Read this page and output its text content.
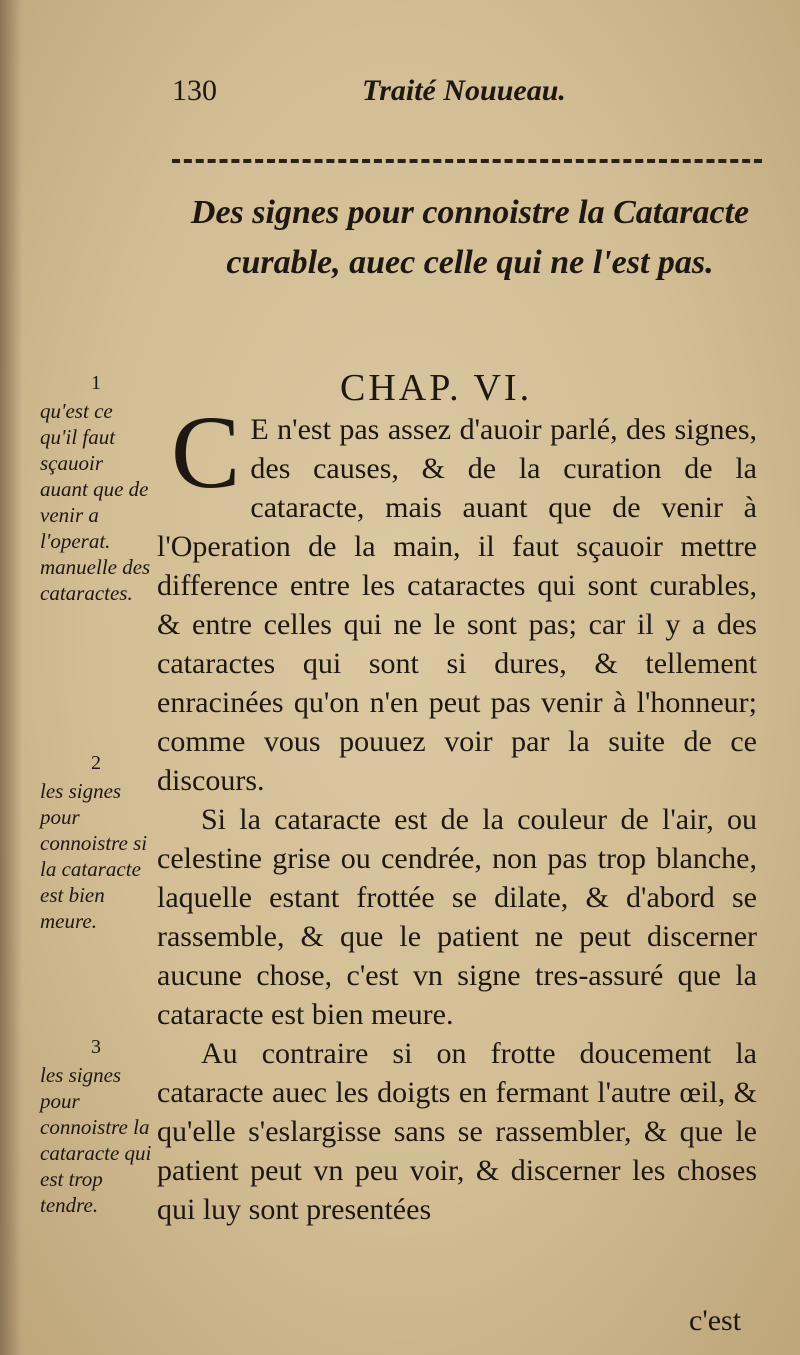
130	Traité Nouueau.
Des signes pour connoistre la Cataracte curable, auec celle qui ne l'est pas.
CHAP. VI.
1
qu'est ce qu'il faut sçauoir auant que de venir a l'operat. manuelle des cataractes.
2
les signes pour connoistre si la cataracte est bien meure.
3
les signes pour connoistre la cataracte qui est trop tendre.

C E n'est pas assez d'auoir parlé, des signes, des causes, & de la curation de la cataracte, mais auant que de venir à l'Operation de la main, il faut sçauoir mettre difference entre les cataractes qui sont curables, & entre celles qui ne le sont pas; car il y a des cataractes qui sont si dures, & tellement enracinées qu'on n'en peut pas venir à l'honneur; comme vous pouuez voir par la suite de ce discours.

Si la cataracte est de la couleur de l'air, ou celestine grise ou cendrée, non pas trop blanche, laquelle estant frottée se dilate, & d'abord se rassemble, & que le patient ne peut discerner aucune chose, c'est vn signe tres-assuré que la cataracte est bien meure.

Au contraire si on frotte doucement la cataracte auec les doigts en fermant l'autre œil, & qu'elle s'eslargisse sans se rassembler, & que le patient peut vn peu voir, & discerner les choses qui luy sont presentées

c'est
